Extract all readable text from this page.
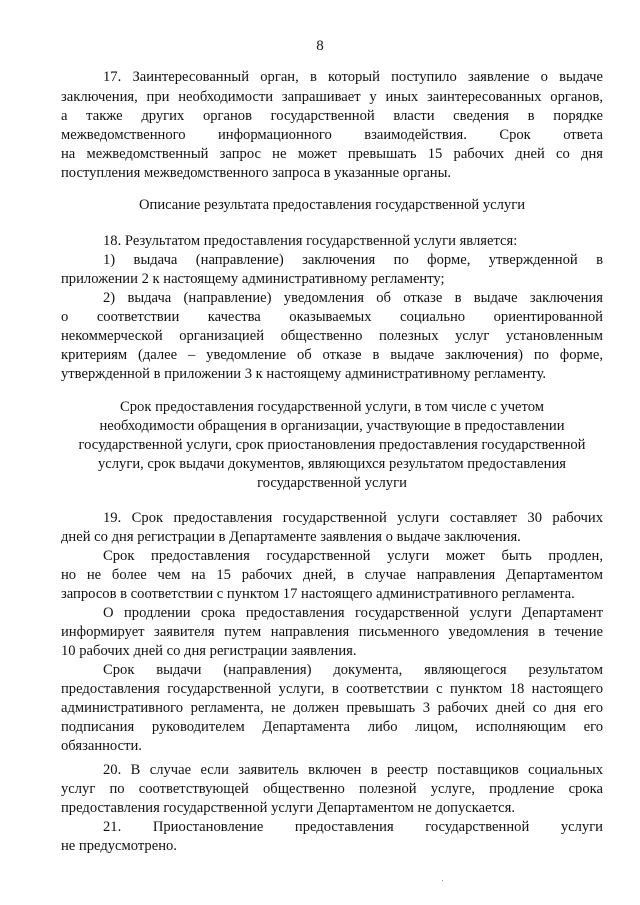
8
17. Заинтересованный орган, в который поступило заявление о выдаче
заключения, при необходимости запрашивает у иных заинтересованных органов,
а также других органов государственной власти сведения в порядке
межведомственного информационного взаимодействия. Срок ответа
на межведомственный запрос не может превышать 15 рабочих дней со дня
поступления межведомственного запроса в указанные органы.
Описание результата предоставления государственной услуги
18. Результатом предоставления государственной услуги является:
1) выдача (направление) заключения по форме, утвержденной в
приложении 2 к настоящему административному регламенту;
2) выдача (направление) уведомления об отказе в выдаче заключения
о соответствии качества оказываемых социально ориентированной
некоммерческой организацией общественно полезных услуг установленным
критериям (далее – уведомление об отказе в выдаче заключения) по форме,
утвержденной в приложении 3 к настоящему административному регламенту.
Срок предоставления государственной услуги, в том числе с учетом
необходимости обращения в организации, участвующие в предоставлении
государственной услуги, срок приостановления предоставления государственной
услуги, срок выдачи документов, являющихся результатом предоставления
государственной услуги
19. Срок предоставления государственной услуги составляет 30 рабочих
дней со дня регистрации в Департаменте заявления о выдаче заключения.
Срок предоставления государственной услуги может быть продлен,
но не более чем на 15 рабочих дней, в случае направления Департаментом
запросов в соответствии с пунктом 17 настоящего административного регламента.
О продлении срока предоставления государственной услуги Департамент
информирует заявителя путем направления письменного уведомления в течение
10 рабочих дней со дня регистрации заявления.
Срок выдачи (направления) документа, являющегося результатом
предоставления государственной услуги, в соответствии с пунктом 18 настоящего
административного регламента, не должен превышать 3 рабочих дней со дня его
подписания руководителем Департамента либо лицом, исполняющим его
обязанности.
20. В случае если заявитель включен в реестр поставщиков социальных
услуг по соответствующей общественно полезной услуге, продление срока
предоставления государственной услуги Департаментом не допускается.
21. Приостановление предоставления государственной услуги
не предусмотрено.
